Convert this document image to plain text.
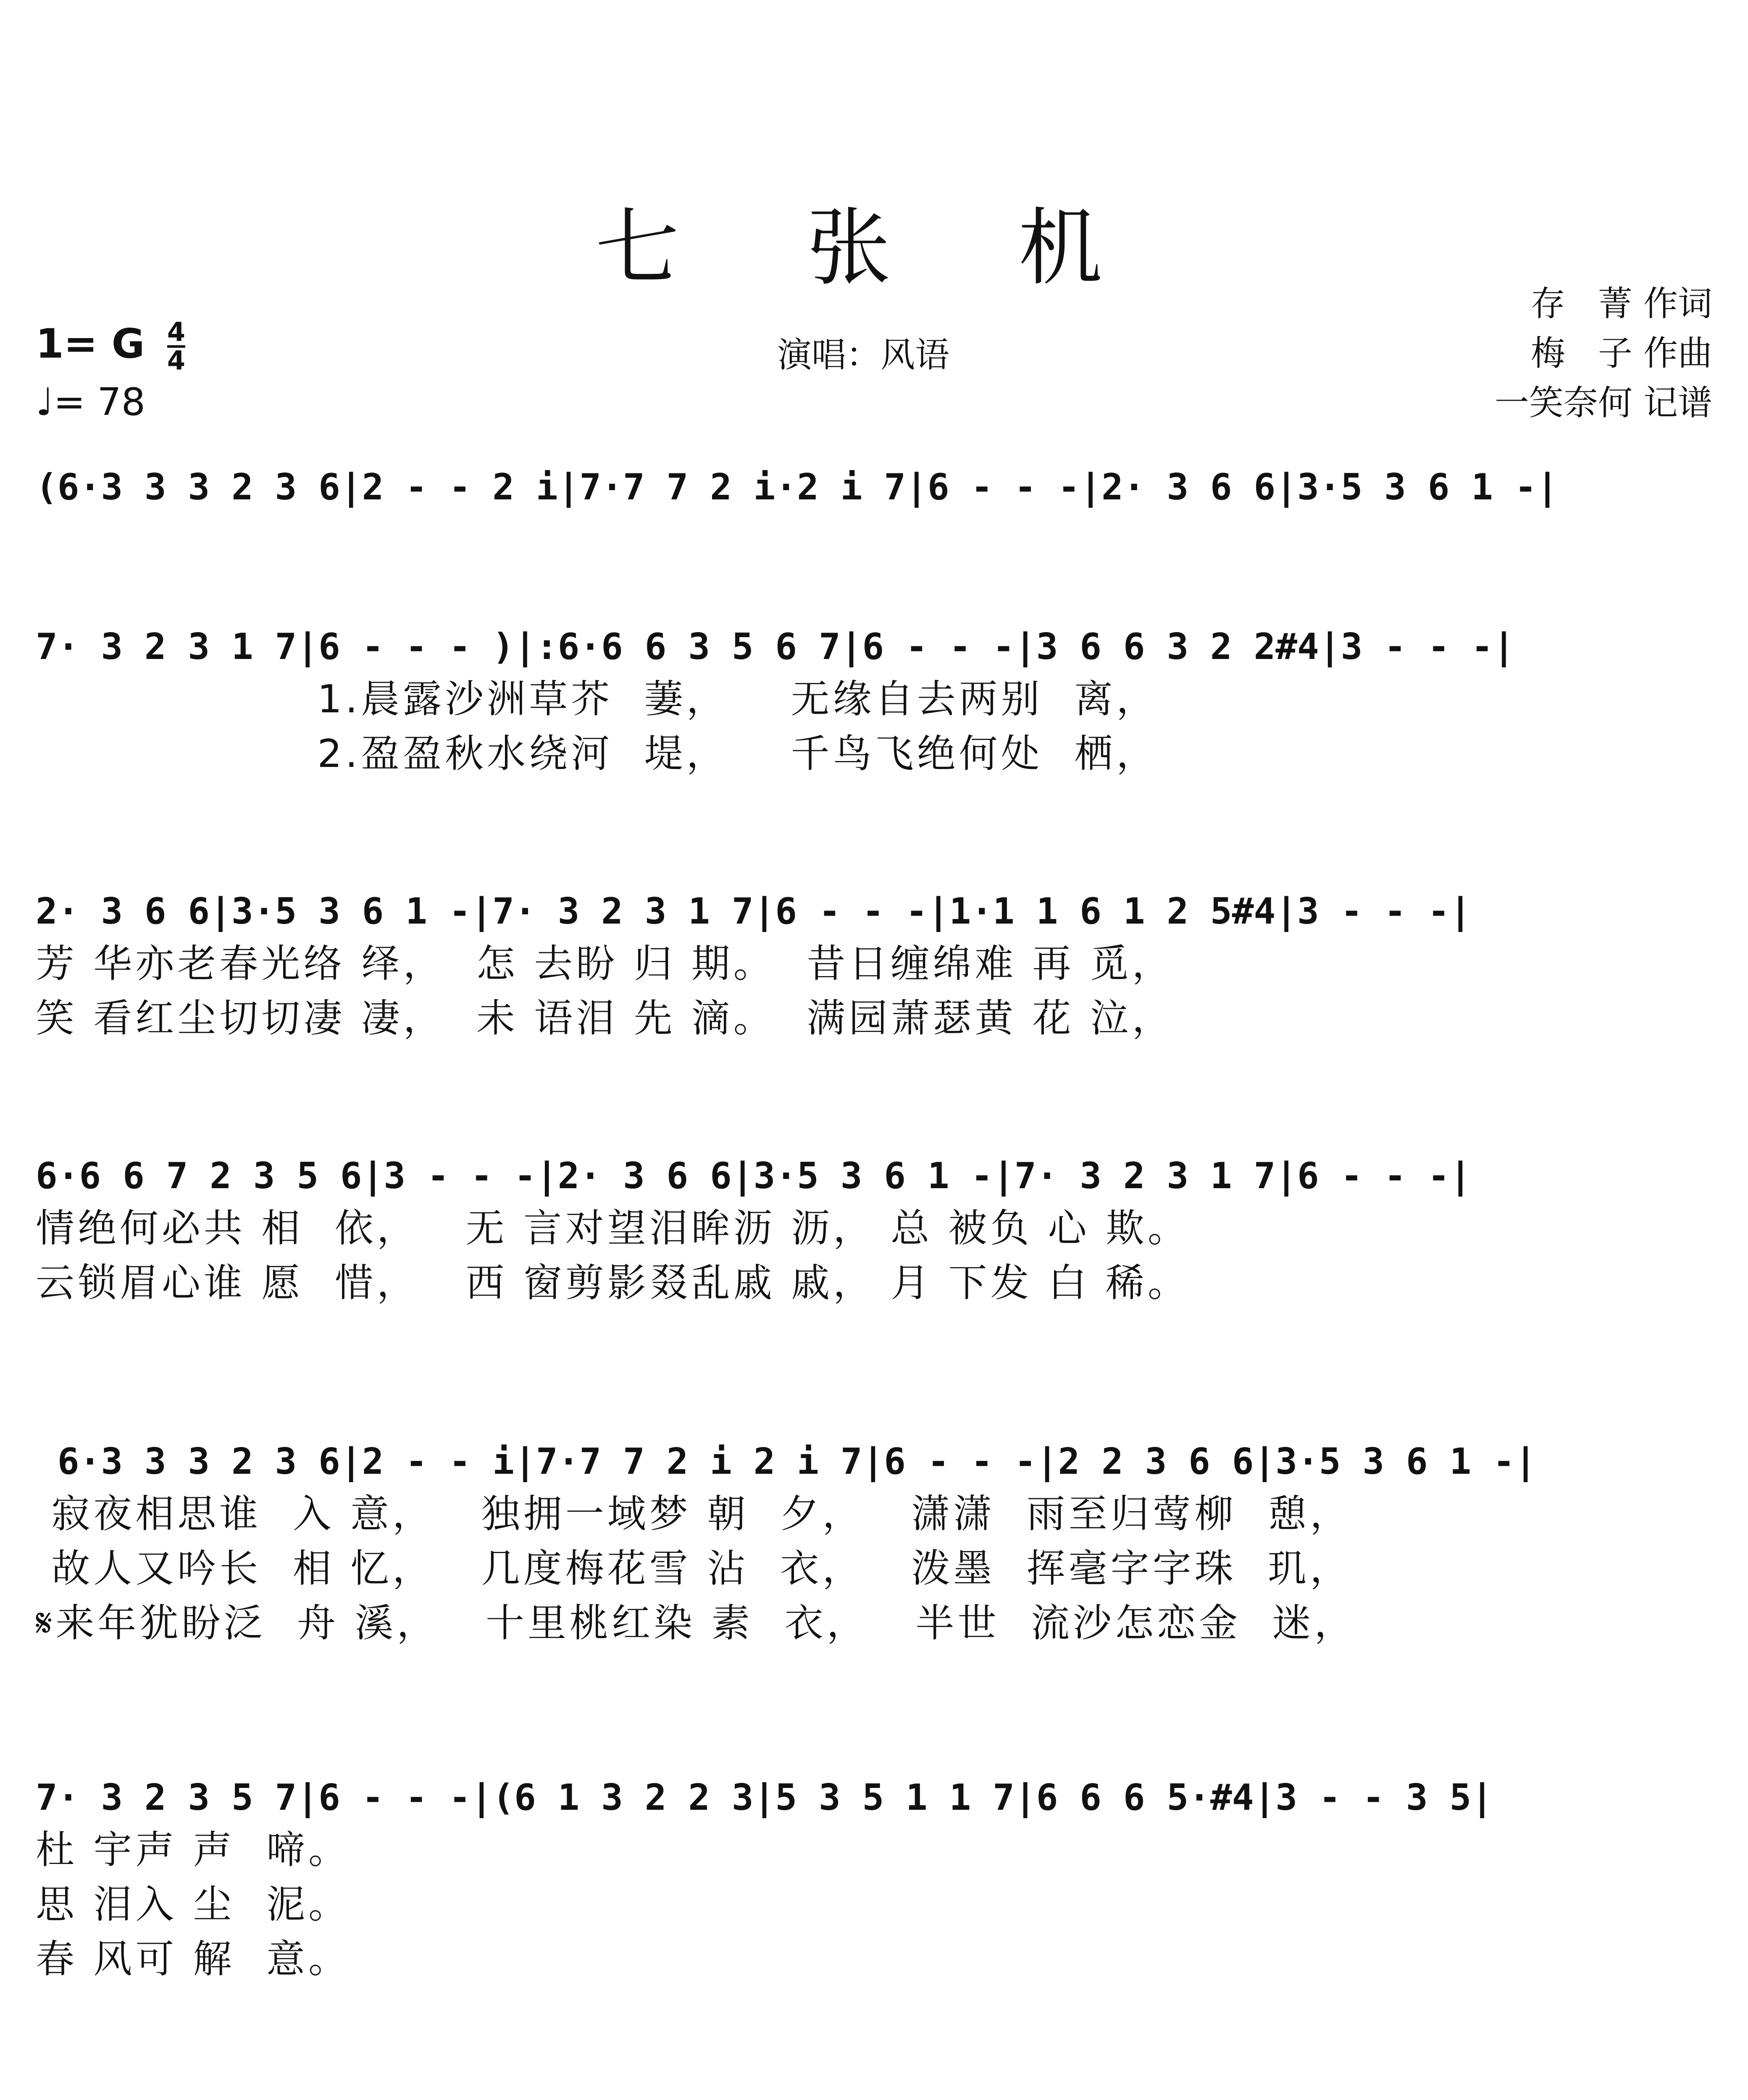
七 张 机
1= G $\frac{4}{4}$
♩= 78
演唱：风语
存   菁 作词
梅   子 作曲
一笑奈何 记谱
(6·3 3 3 2 3 6|2 - - 2 i|7·7 7 2 i·2 i 7|6 - - -|2· 3 6 6|3·5 3 6 1 -|
7· 3 2 3 1 7|6 - - - )|:6·6 6 3 5 6 7|6 - - -|3 6 6 3 2 2#4|3 - - -|
1.晨露沙洲草芥  萋，    无缘自去两别  离，
2.盈盈秋水绕河  堤，    千鸟飞绝何处  栖，
2· 3 6 6|3·5 3 6 1 -|7· 3 2 3 1 7|6 - - -|1·1 1 6 1 2 5#4|3 - - -|
芳 华亦老春光络 绎，  怎 去盼 归 期。  昔日缠绵难 再 觅，
笑 看红尘切切凄 凄，  未 语泪 先 滴。  满园萧瑟黄 花 泣，
6·6 6 7 2 3 5 6|3 - - -|2· 3 6 6|3·5 3 6 1 -|7· 3 2 3 1 7|6 - - -|
情绝何必共 相  依，   无 言对望泪眸沥 沥， 总 被负 心 欺。
云锁眉心谁 愿  惜，   西 窗剪影叕乱戚 戚， 月 下发 白 稀。
6·3 3 3 2 3 6|2 - - i|7·7 7 2 i 2 i 7|6 - - -|2 2 3 6 6|3·5 3 6 1 -|
寂夜相思谁  入 意，   独拥一域梦 朝  夕，   潇潇  雨至归莺柳  憩，
故人又吟长  相 忆，   几度梅花雪 沾  衣，   泼墨  挥毫字字珠  玑，
𝄋来年犹盼泛  舟 溪，   十里桃红染 素  衣，   半世  流沙怎恋金  迷，
7· 3 2 3 5 7|6 - - -|(6 1 3 2 2 3|5 3 5 1 1 7|6 6 6 5·#4|3 - - 3 5|
杜 宇声 声  啼。
思 泪入 尘  泥。
春 风可 解  意。
